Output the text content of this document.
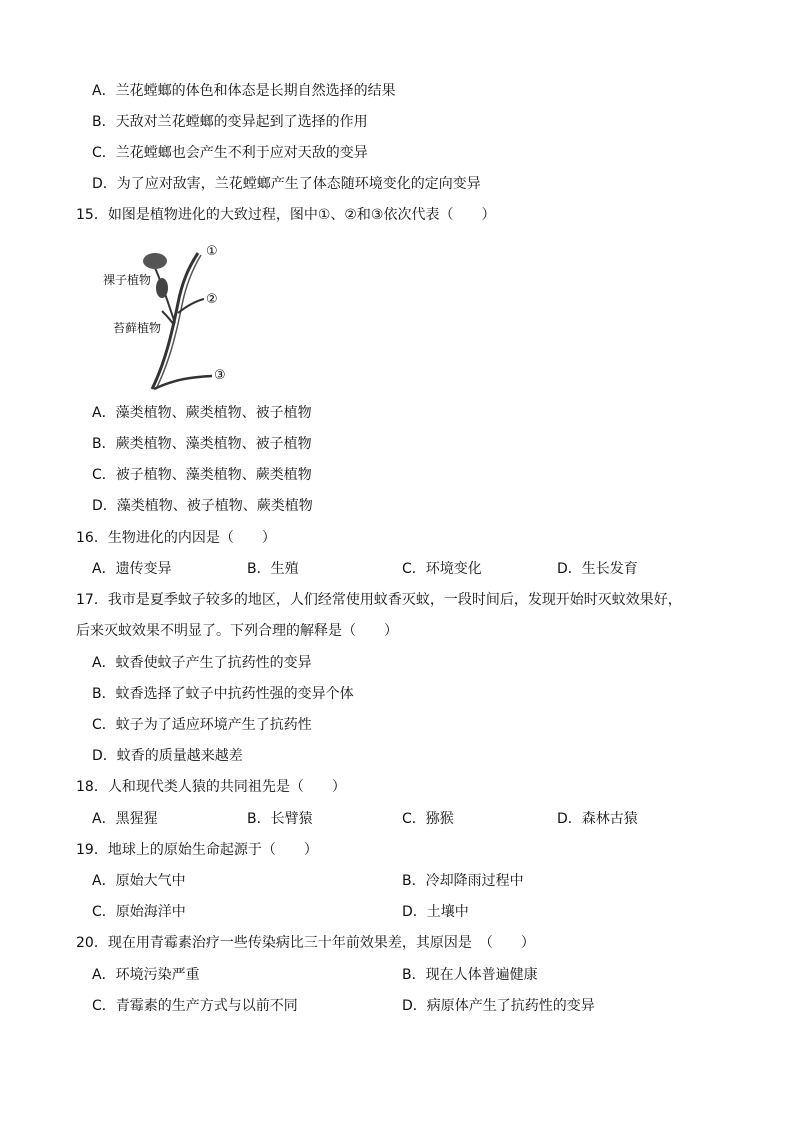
A．兰花螳螂的体色和体态是长期自然选择的结果
B．天敌对兰花螳螂的变异起到了选择的作用
C．兰花螳螂也会产生不利于应对天敌的变异
D．为了应对敌害，兰花螳螂产生了体态随环境变化的定向变异
15．如图是植物进化的大致过程，图中①、②和③依次代表（　　）
裸子植物
苔藓植物
①
②
③
A．藻类植物、蕨类植物、被子植物
B．蕨类植物、藻类植物、被子植物
C．被子植物、藻类植物、蕨类植物
D．藻类植物、被子植物、蕨类植物
16．生物进化的内因是（　　）
A．遗传变异	B．生殖	C．环境变化	D．生长发育
17．我市是夏季蚊子较多的地区，人们经常使用蚊香灭蚊，一段时间后，发现开始时灭蚊效果好，
后来灭蚊效果不明显了。下列合理的解释是（　　）
A．蚊香使蚊子产生了抗药性的变异
B．蚊香选择了蚊子中抗药性强的变异个体
C．蚊子为了适应环境产生了抗药性
D．蚊香的质量越来越差
18．人和现代类人猿的共同祖先是（　　）
A．黑猩猩	B．长臂猿	C．猕猴	D．森林古猿
19．地球上的原始生命起源于（　　）
A．原始大气中	B．冷却降雨过程中
C．原始海洋中	D．土壤中
20．现在用青霉素治疗一些传染病比三十年前效果差，其原因是　（　　）
A．环境污染严重	B．现在人体普遍健康
C．青霉素的生产方式与以前不同	D．病原体产生了抗药性的变异
